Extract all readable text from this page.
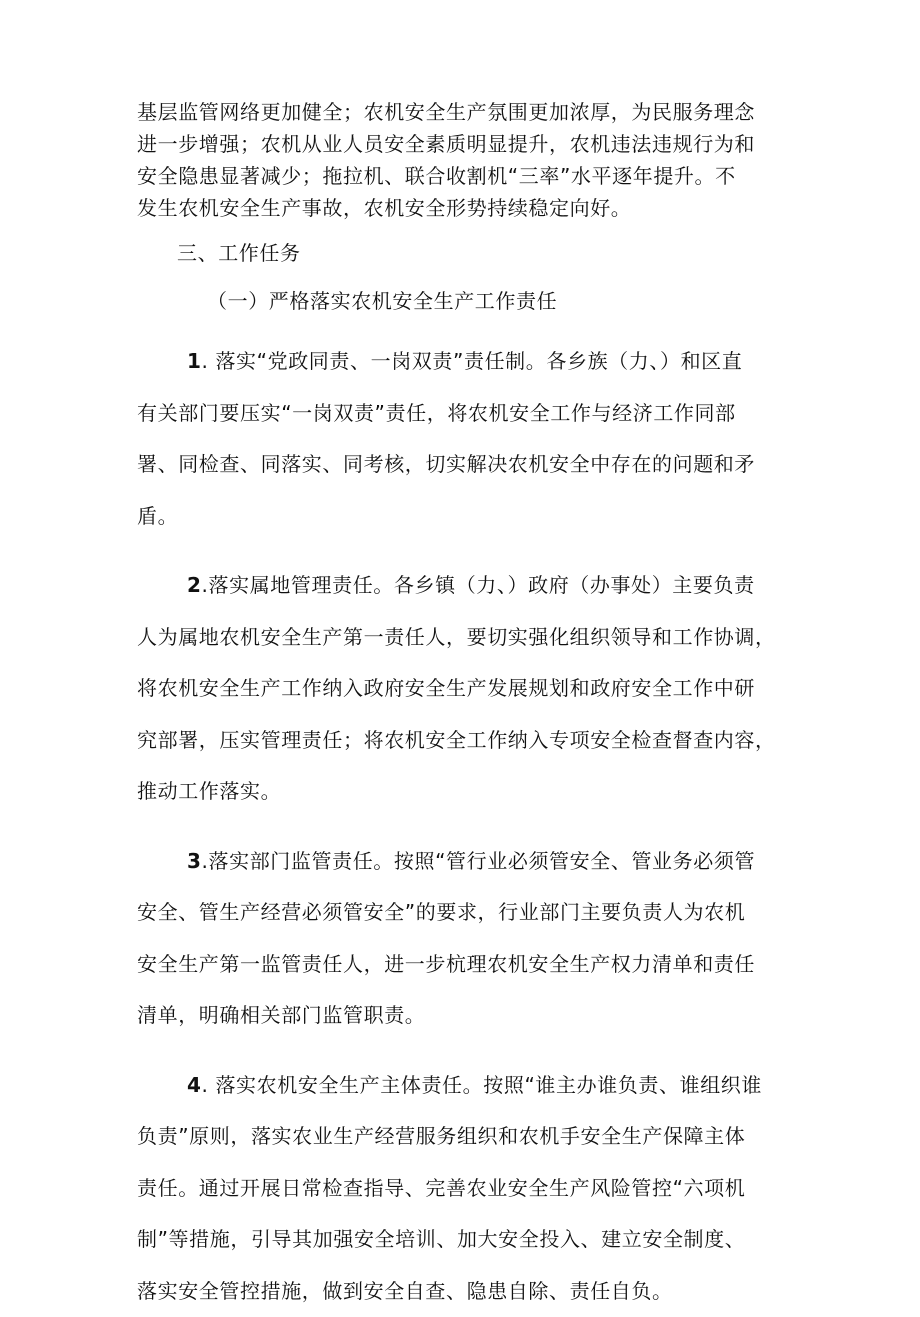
基层监管网络更加健全；农机安全生产氛围更加浓厚，为民服务理念
进一步增强；农机从业人员安全素质明显提升，农机违法违规行为和
安全隐患显著减少；拖拉机、联合收割机“三率”水平逐年提升。不
发生农机安全生产事故，农机安全形势持续稳定向好。
三、工作任务
（一）严格落实农机安全生产工作责任
1. 落实“党政同责、一岗双责”责任制。各乡族（力、）和区直
有关部门要压实“一岗双责”责任，将农机安全工作与经济工作同部
署、同检查、同落实、同考核，切实解决农机安全中存在的问题和矛
盾。
2.落实属地管理责任。各乡镇（力、）政府（办事处）主要负责
人为属地农机安全生产第一责任人，要切实强化组织领导和工作协调，
将农机安全生产工作纳入政府安全生产发展规划和政府安全工作中研
究部署，压实管理责任；将农机安全工作纳入专项安全检查督查内容，
推动工作落实。
3.落实部门监管责任。按照“管行业必须管安全、管业务必须管
安全、管生产经营必须管安全”的要求，行业部门主要负责人为农机
安全生产第一监管责任人，进一步杭理农机安全生产权力清单和责任
清单，明确相关部门监管职责。
4. 落实农机安全生产主体责任。按照“谁主办谁负责、谁组织谁
负责”原则，落实农业生产经营服务组织和农机手安全生产保障主体
责任。通过开展日常检查指导、完善农业安全生产风险管控“六项机
制”等措施，引导其加强安全培训、加大安全投入、建立安全制度、
落实安全管控措施，做到安全自查、隐患自除、责任自负。
